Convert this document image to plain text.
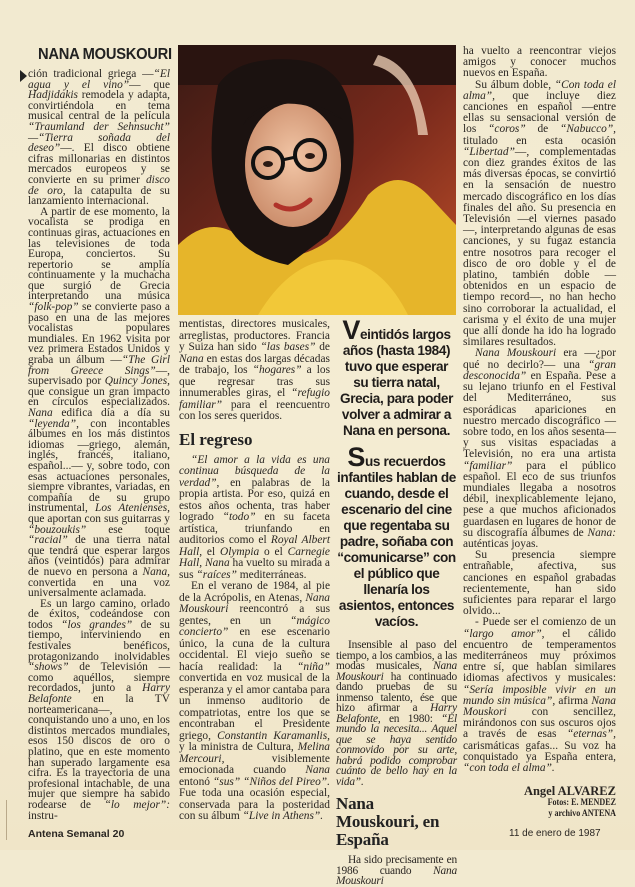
NANA MOUSKOURI

ción tradicional griega —“El agua y el vino”— que Hadjidakis remodela y adapta, convirtiéndola en tema musical central de la película “Traumland der Sehnsucht” —“Tierra soñada del deseo”—. El disco obtiene cifras millonarias en distintos mercados europeos y se convierte en su primer disco de oro, la catapulta de su lanzamiento internacional.

A partir de ese momento, la vocalista se prodiga en continuas giras, actuaciones en las televisiones de toda Europa, conciertos. Su repertorio se amplía continuamente y la muchacha que surgió de Grecia interpretando una música “folk-pop” se convierte paso a paso en una de las mejores vocalistas populares mundiales. En 1962 visita por vez primera Estados Unidos y graba un álbum —“The Girl from Greece Sings”—, supervisado por Quincy Jones, que consigue un gran impacto en círculos especializados. Nana edifica día a día su “leyenda”, con incontables álbumes en los más distintos idiomas —griego, alemán, inglés, francés, italiano, español...— y, sobre todo, con esas actuaciones personales, siempre vibrantes, variadas, en compañía de su grupo instrumental, Los Atenienses, que aportan con sus guitarras y “bouzoukis” ese toque “racial” de una tierra natal que tendrá que esperar largos años (veintidós) para admirar de nuevo en persona a Nana, convertida en una voz universalmente aclamada.

Es un largo camino, orlado de éxitos, codeándose con todos “los grandes” de su tiempo, interviniendo en festivales benéficos, protagonizando inolvidables “shows” de Televisión —como aquéllos, siempre recordados, junto a Harry Belafonte en la TV norteamericana—, conquistando uno a uno, en los distintos mercados mundiales, esos 150 discos de oro o platino, que en este momento han superado largamente esa cifra. Es la trayectoria de una profesional intachable, de una mujer que siempre ha sabido rodearse de “lo mejor”: instru-

mentistas, directores musicales, arreglistas, productores. Francia y Suiza han sido “las bases” de Nana en estas dos largas décadas de trabajo, los “hogares” a los que regresar tras sus innumerables giras, el “refugio familiar” para el reencuentro con los seres queridos.

El regreso

“El amor a la vida es una continua búsqueda de la verdad”, en palabras de la propia artista. Por eso, quizá en estos años ochenta, tras haber logrado “todo” en su faceta artística, triunfando en auditorios como el Royal Albert Hall, el Olympia o el Carnegie Hall, Nana ha vuelto su mirada a sus “raíces” mediterráneas.

En el verano de 1984, al pie de la Acrópolis, en Atenas, Nana Mouskouri reencontró a sus gentes, en un “mágico concierto” en ese escenario único, la cuna de la cultura occidental. El viejo sueño se hacía realidad: la “niña” convertida en voz musical de la esperanza y el amor cantaba para un inmenso auditorio de compatriotas, entre los que se encontraban el Presidente griego, Constantin Karamanlis, y la ministra de Cultura, Melina Mercouri, visiblemente emocionada cuando Nana entonó “sus” “Niños del Pireo”. Fue toda una ocasión especial, conservada para la posteridad con su álbum “Live in Athens”.

Veintidós largos años (hasta 1984) tuvo que esperar su tierra natal, Grecia, para poder volver a admirar a Nana en persona.
Sus recuerdos infantiles hablan de cuando, desde el escenario del cine que regentaba su padre, soñaba con “comunicarse” con el público que llenaría los asientos, entonces vacíos.

Insensible al paso del tiempo, a los cambios, a las modas musicales, Nana Mouskouri ha continuado dando pruebas de su inmenso talento, ése que hizo afirmar a Harry Belafonte, en 1980: “El mundo la necesita... Aquel que se haya sentido conmovido por su arte, habrá podido comprobar cuánto de bello hay en la vida”.

Nana Mouskouri, en España

Ha sido precisamente en 1986 cuando Nana Mouskouri

ha vuelto a reencontrar viejos amigos y conocer muchos nuevos en España.

Su álbum doble, “Con toda el alma”, que incluye diez canciones en español —entre ellas su sensacional versión de los “coros” de “Nabucco”, titulado en esta ocasión “Libertad”—, complementadas con diez grandes éxitos de las más diversas épocas, se convirtió en la sensación de nuestro mercado discográfico en los días finales del año. Su presencia en Televisión —el viernes pasado—, interpretando algunas de esas canciones, y su fugaz estancia entre nosotros para recoger el disco de oro doble y el de platino, también doble —obtenidos en un espacio de tiempo record—, no han hecho sino corroborar la actualidad, el carisma y el éxito de una mujer que allí donde ha ido ha logrado similares resultados.

Nana Mouskouri era —¿por qué no decirlo?— una “gran desconocida” en España. Pese a su lejano triunfo en el Festival del Mediterráneo, sus esporádicas apariciones en nuestro mercado discográfico —sobre todo, en los años sesenta— y sus visitas espaciadas a Televisión, no era una artista “familiar” para el público español. El eco de sus triunfos mundiales llegaba a nosotros débil, inexplicablemente lejano, pese a que muchos aficionados guardasen en lugares de honor de su discografía álbumes de Nana: auténticas joyas.

Su presencia siempre entrañable, afectiva, sus canciones en español grabadas recientemente, han sido suficientes para reparar el largo olvido...

- Puede ser el comienzo de un “largo amor”, el cálido encuentro de temperamentos mediterráneos muy próximos entre sí, que hablan similares idiomas afectivos y musicales: “Sería imposible vivir en un mundo sin música”, afirma Nana Mouskori con sencillez, mirándonos con sus oscuros ojos a través de esas “eternas”, carismáticas gafas... Su voz ha conquistado ya España entera, “con toda el alma”.

Angel ALVAREZ
Fotos: E. MENDEZ
y archivo ANTENA
Antena Semanal 20	11 de enero de 1987
